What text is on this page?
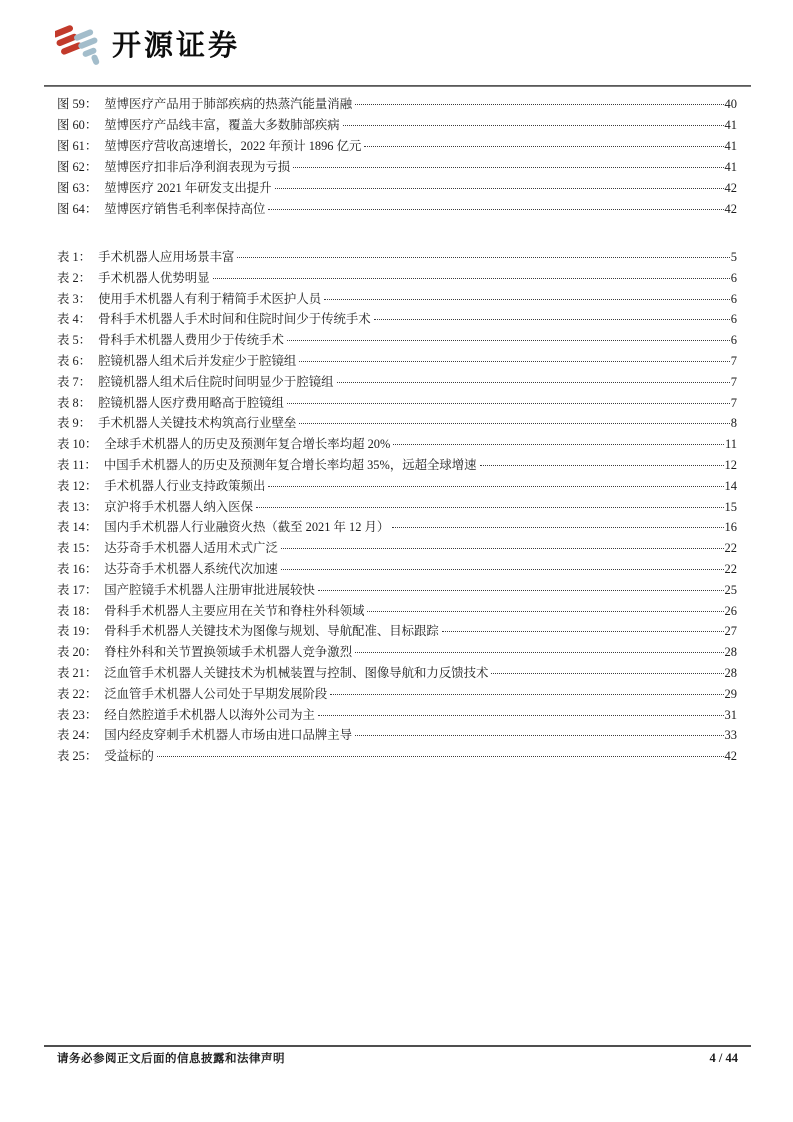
开源证券
图 59： 堃博医疗产品用于肺部疾病的热蒸汽能量消融	40
图 60： 堃博医疗产品线丰富，覆盖大多数肺部疾病	41
图 61： 堃博医疗营收高速增长，2022 年预计 1896 亿元	41
图 62： 堃博医疗扣非后净利润表现为亏损	41
图 63： 堃博医疗 2021 年研发支出提升	42
图 64： 堃博医疗销售毛利率保持高位	42
表 1： 手术机器人应用场景丰富	5
表 2： 手术机器人优势明显	6
表 3： 使用手术机器人有利于精简手术医护人员	6
表 4： 骨科手术机器人手术时间和住院时间少于传统手术	6
表 5： 骨科手术机器人费用少于传统手术	6
表 6： 腔镜机器人组术后并发症少于腔镜组	7
表 7： 腔镜机器人组术后住院时间明显少于腔镜组	7
表 8： 腔镜机器人医疗费用略高于腔镜组	7
表 9： 手术机器人关键技术构筑高行业壁垒	8
表 10： 全球手术机器人的历史及预测年复合增长率均超 20%	11
表 11： 中国手术机器人的历史及预测年复合增长率均超 35%，远超全球增速	12
表 12： 手术机器人行业支持政策频出	14
表 13： 京沪将手术机器人纳入医保	15
表 14： 国内手术机器人行业融资火热（截至 2021 年 12 月）	16
表 15： 达芬奇手术机器人适用术式广泛	22
表 16： 达芬奇手术机器人系统代次加速	22
表 17： 国产腔镜手术机器人注册审批进展较快	25
表 18： 骨科手术机器人主要应用在关节和脊柱外科领域	26
表 19： 骨科手术机器人关键技术为图像与规划、导航配准、目标跟踪	27
表 20： 脊柱外科和关节置换领域手术机器人竞争激烈	28
表 21： 泛血管手术机器人关键技术为机械装置与控制、图像导航和力反馈技术	28
表 22： 泛血管手术机器人公司处于早期发展阶段	29
表 23： 经自然腔道手术机器人以海外公司为主	31
表 24： 国内经皮穿刺手术机器人市场由进口品牌主导	33
表 25： 受益标的	42
请务必参阅正文后面的信息披露和法律声明	4 / 44
